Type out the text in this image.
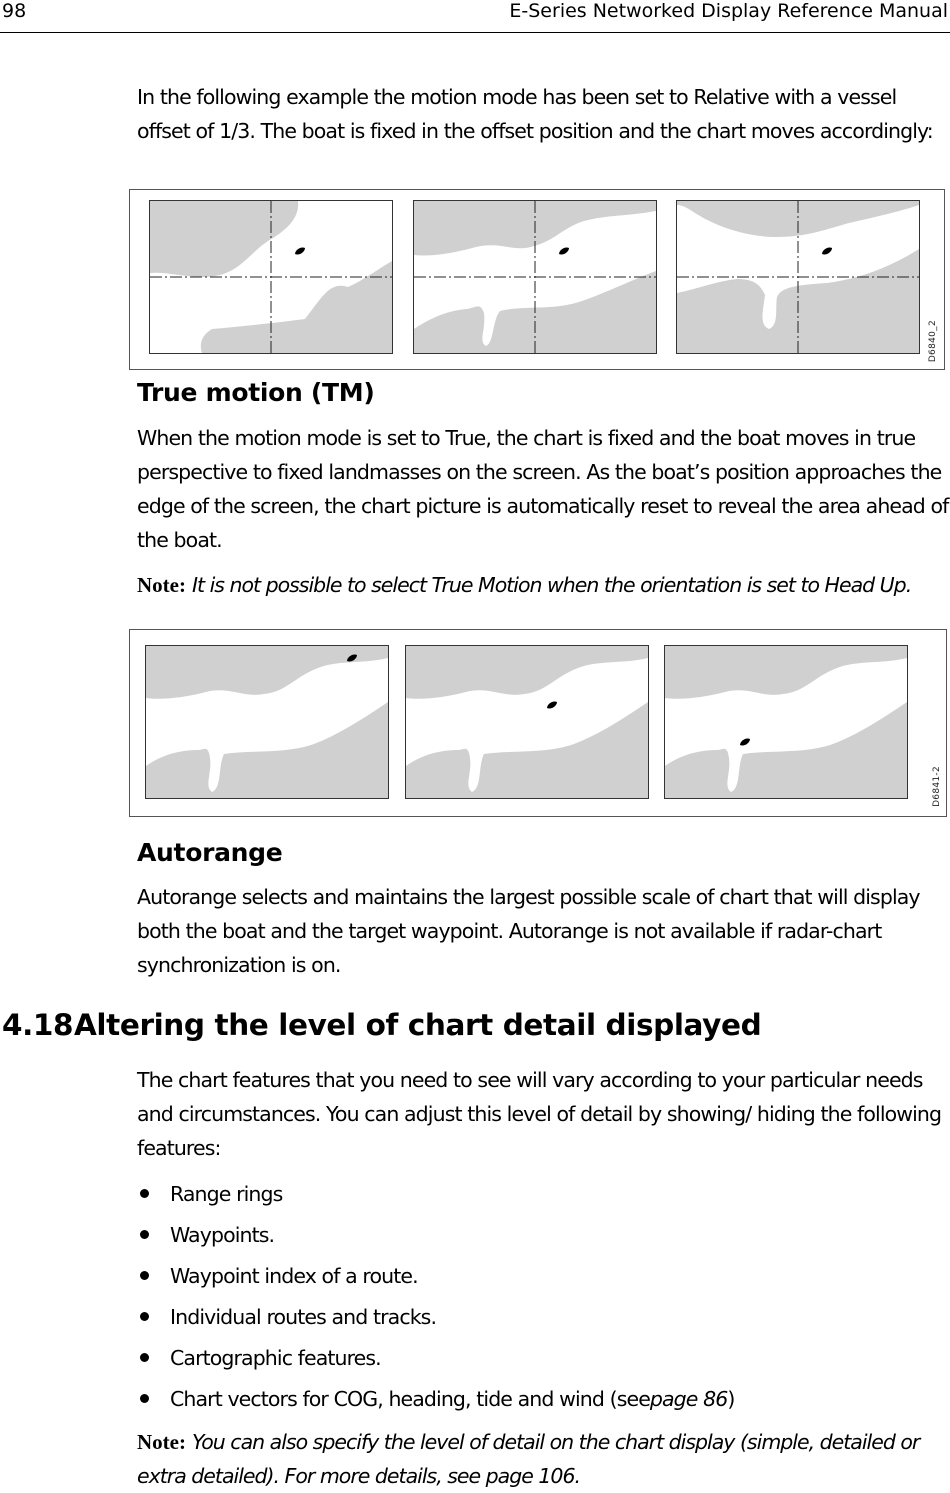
98	E-Series Networked Display Reference Manual

In the following example the motion mode has been set to Relative with a vessel offset of 1/3. The boat is fixed in the offset position and the chart moves accordingly:

D6840_2
True motion (TM)

When the motion mode is set to True, the chart is fixed and the boat moves in true perspective to fixed landmasses on the screen. As the boat’s position approaches the edge of the screen, the chart picture is automatically reset to reveal the area ahead of the boat.

Note: It is not possible to select True Motion when the orientation is set to Head Up.

D6841-2
Autorange

Autorange selects and maintains the largest possible scale of chart that will display both the boat and the target waypoint. Autorange is not available if radar-chart synchronization is on.

4.18Altering the level of chart detail displayed

The chart features that you need to see will vary according to your particular needs and circumstances. You can adjust this level of detail by showing/ hiding the following features:

Range rings
Waypoints.
Waypoint index of a route.
Individual routes and tracks.
Cartographic features.
Chart vectors for COG, heading, tide and wind (seepage 86)

Note: You can also specify the level of detail on the chart display (simple, detailed or extra detailed). For more details, see page 106.
